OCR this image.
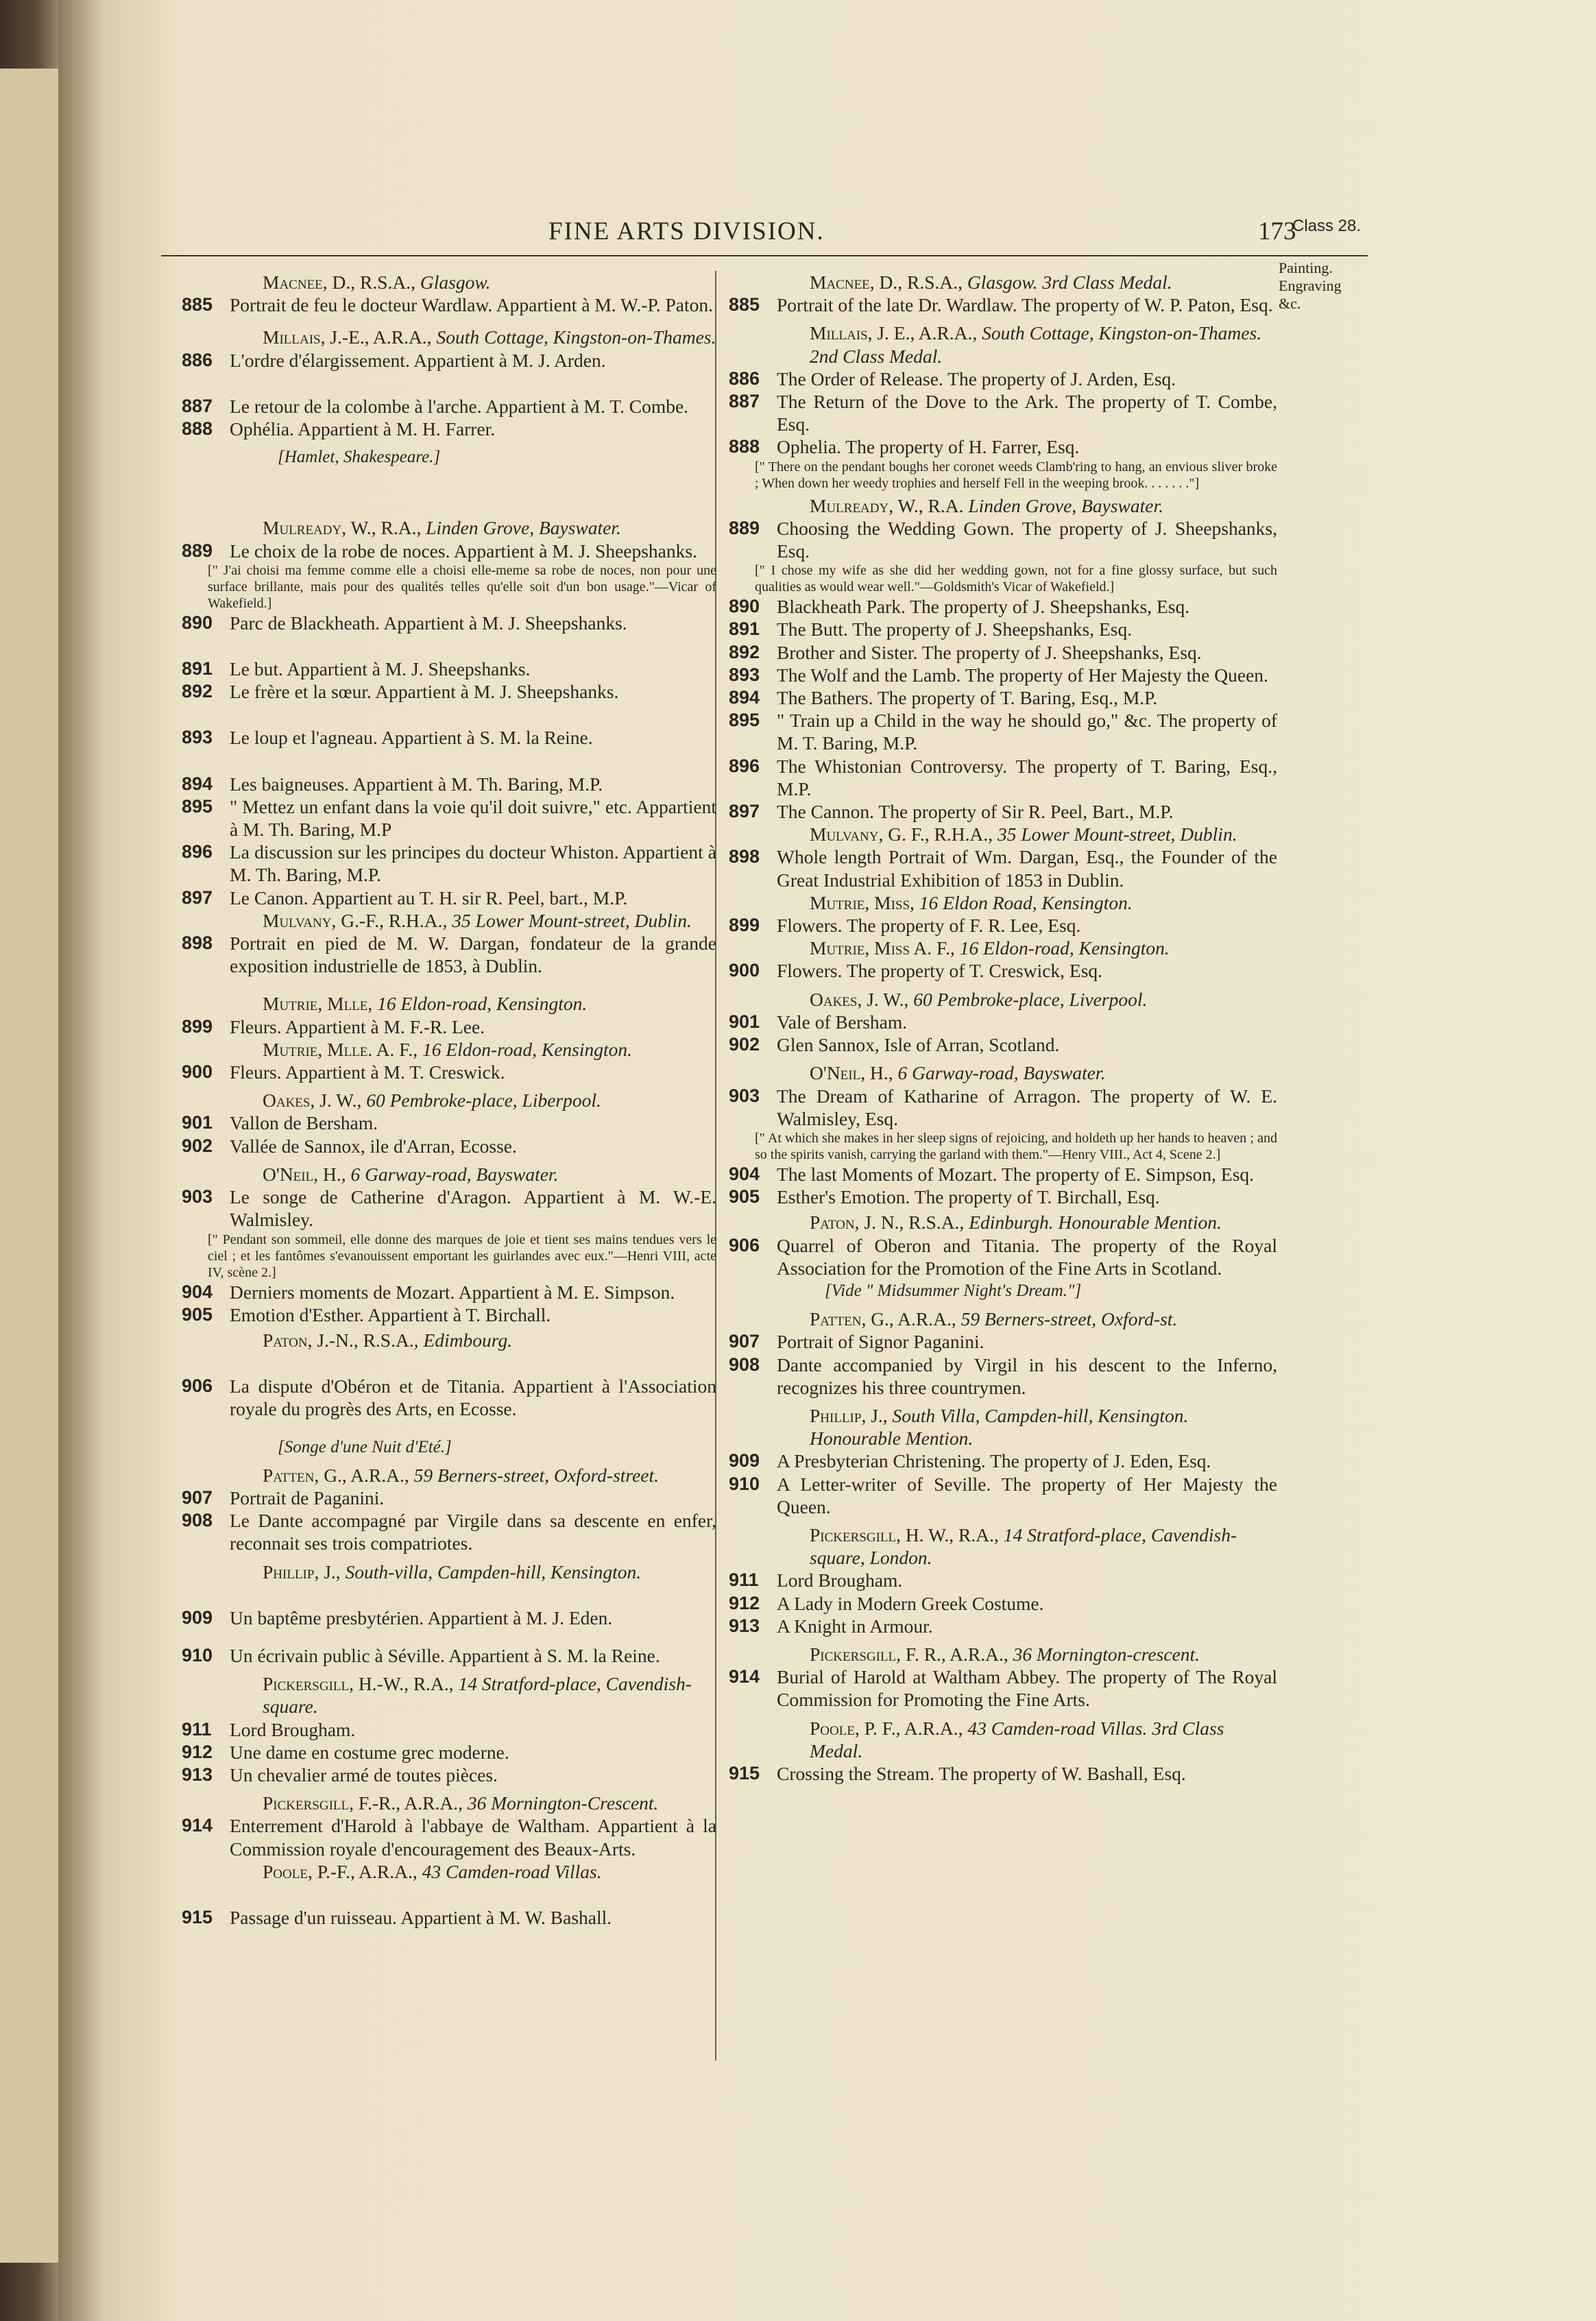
FINE ARTS DIVISION.	173
Class 28.
Painting.
Engraving
&c.
Macnee, D., R.S.A., Glasgow.
885 Portrait de feu le docteur Wardlaw. Appartient à M. W.-P. Paton.
Millais, J.-E., A.R.A., South Cottage, Kingston-on-Thames.
886 L'ordre d'élargissement. Appartient à M. J. Arden.
887 Le retour de la colombe à l'arche. Appartient à M. T. Combe.
888 Ophélia. Appartient à M. H. Farrer.
[Hamlet, Shakespeare.]
Mulready, W., R.A., Linden Grove, Bayswater.
889 Le choix de la robe de noces. Appartient à M. J. Sheepshanks.
[" J'ai choisi ma femme comme elle a choisi elle-meme sa robe de noces, non pour une surface brillante, mais pour des qualités telles qu'elle soit d'un bon usage."—Vicar of Wakefield.]
890 Parc de Blackheath. Appartient à M. J. Sheepshanks.
891 Le but. Appartient à M. J. Sheepshanks.
892 Le frère et la sœur. Appartient à M. J. Sheepshanks.
893 Le loup et l'agneau. Appartient à S. M. la Reine.
894 Les baigneuses. Appartient à M. Th. Baring, M.P.
895 " Mettez un enfant dans la voie qu'il doit suivre," etc. Appartient à M. Th. Baring, M.P
896 La discussion sur les principes du docteur Whiston. Appartient à M. Th. Baring, M.P.
897 Le Canon. Appartient au T. H. sir R. Peel, bart., M.P.
Mulvany, G.-F., R.H.A., 35 Lower Mount-street, Dublin.
898 Portrait en pied de M. W. Dargan, fondateur de la grande exposition industrielle de 1853, à Dublin.
Mutrie, Mlle, 16 Eldon-road, Kensington.
899 Fleurs. Appartient à M. F.-R. Lee.
Mutrie, Mlle. A. F., 16 Eldon-road, Kensington.
900 Fleurs. Appartient à M. T. Creswick.
Oakes, J. W., 60 Pembroke-place, Liberpool.
901 Vallon de Bersham.
902 Vallée de Sannox, ile d'Arran, Ecosse.
O'Neil, H., 6 Garway-road, Bayswater.
903 Le songe de Catherine d'Aragon. Appartient à M. W.-E. Walmisley.
[" Pendant son sommeil, elle donne des marques de joie et tient ses mains tendues vers le ciel ; et les fantômes s'evanouissent emportant les guirlandes avec eux."—Henri VIII, acte IV, scène 2.]
904 Derniers moments de Mozart. Appartient à M. E. Simpson.
905 Emotion d'Esther. Appartient à T. Birchall.
Paton, J.-N., R.S.A., Edimbourg.
906 La dispute d'Obéron et de Titania. Appartient à l'Association royale du progrès des Arts, en Ecosse.
[Songe d'une Nuit d'Eté.]
Patten, G., A.R.A., 59 Berners-street, Oxford-street.
907 Portrait de Paganini.
908 Le Dante accompagné par Virgile dans sa descente en enfer, reconnait ses trois compatriotes.
Phillip, J., South-villa, Campden-hill, Kensington.
909 Un baptême presbytérien. Appartient à M. J. Eden.
910 Un écrivain public à Séville. Appartient à S. M. la Reine.
Pickersgill, H.-W., R.A., 14 Stratford-place, Cavendish-square.
911 Lord Brougham.
912 Une dame en costume grec moderne.
913 Un chevalier armé de toutes pièces.
Pickersgill, F.-R., A.R.A., 36 Mornington-Crescent.
914 Enterrement d'Harold à l'abbaye de Waltham. Appartient à la Commission royale d'encouragement des Beaux-Arts.
Poole, P.-F., A.R.A., 43 Camden-road Villas.
915 Passage d'un ruisseau. Appartient à M. W. Bashall.
Macnee, D., R.S.A., Glasgow. 3rd Class Medal.
885 Portrait of the late Dr. Wardlaw. The property of W. P. Paton, Esq.
Millais, J. E., A.R.A., South Cottage, Kingston-on-Thames. 2nd Class Medal.
886 The Order of Release. The property of J. Arden, Esq.
887 The Return of the Dove to the Ark. The property of T. Combe, Esq.
888 Ophelia. The property of H. Farrer, Esq.
[" There on the pendant boughs her coronet weeds Clamb'ring to hang, an envious sliver broke ; When down her weedy trophies and herself Fell in the weeping brook. . . . . . ."]
Mulready, W., R.A. Linden Grove, Bayswater.
889 Choosing the Wedding Gown. The property of J. Sheepshanks, Esq.
[" I chose my wife as she did her wedding gown, not for a fine glossy surface, but such qualities as would wear well."—Goldsmith's Vicar of Wakefield.]
890 Blackheath Park. The property of J. Sheepshanks, Esq.
891 The Butt. The property of J. Sheepshanks, Esq.
892 Brother and Sister. The property of J. Sheepshanks, Esq.
893 The Wolf and the Lamb. The property of Her Majesty the Queen.
894 The Bathers. The property of T. Baring, Esq., M.P.
895 " Train up a Child in the way he should go," &c. The property of M. T. Baring, M.P.
896 The Whistonian Controversy. The property of T. Baring, Esq., M.P.
897 The Cannon. The property of Sir R. Peel, Bart., M.P.
Mulvany, G. F., R.H.A., 35 Lower Mount-street, Dublin.
898 Whole length Portrait of Wm. Dargan, Esq., the Founder of the Great Industrial Exhibition of 1853 in Dublin.
Mutrie, Miss, 16 Eldon Road, Kensington.
899 Flowers. The property of F. R. Lee, Esq.
Mutrie, Miss A. F., 16 Eldon-road, Kensington.
900 Flowers. The property of T. Creswick, Esq.
Oakes, J. W., 60 Pembroke-place, Liverpool.
901 Vale of Bersham.
902 Glen Sannox, Isle of Arran, Scotland.
O'Neil, H., 6 Garway-road, Bayswater.
903 The Dream of Katharine of Arragon. The property of W. E. Walmisley, Esq.
[" At which she makes in her sleep signs of rejoicing, and holdeth up her hands to heaven ; and so the spirits vanish, carrying the garland with them."—Henry VIII., Act 4, Scene 2.]
904 The last Moments of Mozart. The property of E. Simpson, Esq.
905 Esther's Emotion. The property of T. Birchall, Esq.
Paton, J. N., R.S.A., Edinburgh. Honourable Mention.
906 Quarrel of Oberon and Titania. The property of the Royal Association for the Promotion of the Fine Arts in Scotland.
[Vide " Midsummer Night's Dream."]
Patten, G., A.R.A., 59 Berners-street, Oxford-st.
907 Portrait of Signor Paganini.
908 Dante accompanied by Virgil in his descent to the Inferno, recognizes his three countrymen.
Phillip, J., South Villa, Campden-hill, Kensington. Honourable Mention.
909 A Presbyterian Christening. The property of J. Eden, Esq.
910 A Letter-writer of Seville. The property of Her Majesty the Queen.
Pickersgill, H. W., R.A., 14 Stratford-place, Cavendish-square, London.
911 Lord Brougham.
912 A Lady in Modern Greek Costume.
913 A Knight in Armour.
Pickersgill, F. R., A.R.A., 36 Mornington-crescent.
914 Burial of Harold at Waltham Abbey. The property of The Royal Commission for Promoting the Fine Arts.
Poole, P. F., A.R.A., 43 Camden-road Villas. 3rd Class Medal.
915 Crossing the Stream. The property of W. Bashall, Esq.
